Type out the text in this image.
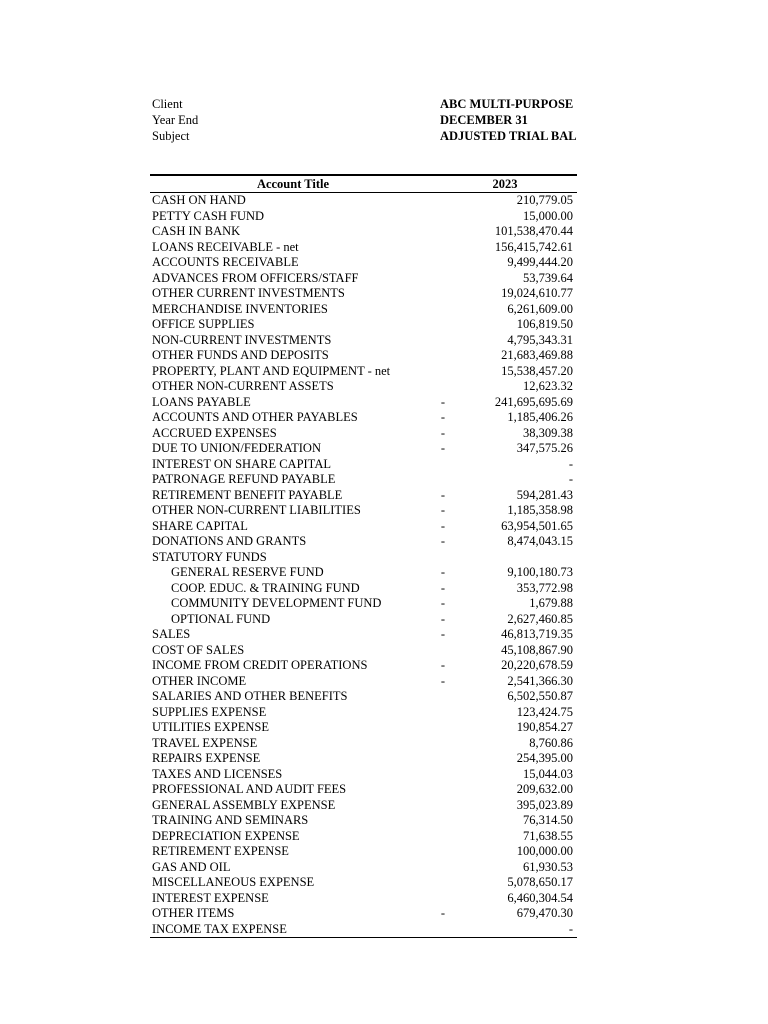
Client	ABC MULTI-PURPOSE
Year End	DECEMBER 31
Subject	ADJUSTED TRIAL BAL
Account Title	2023
CASH ON HAND	210,779.05
PETTY CASH FUND	15,000.00
CASH IN BANK	101,538,470.44
LOANS RECEIVABLE - net	156,415,742.61
ACCOUNTS RECEIVABLE	9,499,444.20
ADVANCES FROM OFFICERS/STAFF	53,739.64
OTHER CURRENT INVESTMENTS	19,024,610.77
MERCHANDISE INVENTORIES	6,261,609.00
OFFICE SUPPLIES	106,819.50
NON-CURRENT INVESTMENTS	4,795,343.31
OTHER FUNDS AND DEPOSITS	21,683,469.88
PROPERTY, PLANT AND EQUIPMENT - net	15,538,457.20
OTHER NON-CURRENT ASSETS	12,623.32
LOANS PAYABLE	-	241,695,695.69
ACCOUNTS AND OTHER PAYABLES	-	1,185,406.26
ACCRUED EXPENSES	-	38,309.38
DUE TO UNION/FEDERATION	-	347,575.26
INTEREST ON SHARE CAPITAL	-
PATRONAGE REFUND PAYABLE	-
RETIREMENT BENEFIT PAYABLE	-	594,281.43
OTHER NON-CURRENT LIABILITIES	-	1,185,358.98
SHARE CAPITAL	-	63,954,501.65
DONATIONS AND GRANTS	-	8,474,043.15
STATUTORY FUNDS
GENERAL RESERVE FUND	-	9,100,180.73
COOP. EDUC. & TRAINING FUND	-	353,772.98
COMMUNITY DEVELOPMENT FUND	-	1,679.88
OPTIONAL FUND	-	2,627,460.85
SALES	-	46,813,719.35
COST OF SALES	45,108,867.90
INCOME FROM CREDIT OPERATIONS	-	20,220,678.59
OTHER INCOME	-	2,541,366.30
SALARIES AND OTHER BENEFITS	6,502,550.87
SUPPLIES EXPENSE	123,424.75
UTILITIES EXPENSE	190,854.27
TRAVEL EXPENSE	8,760.86
REPAIRS EXPENSE	254,395.00
TAXES AND LICENSES	15,044.03
PROFESSIONAL AND AUDIT FEES	209,632.00
GENERAL ASSEMBLY EXPENSE	395,023.89
TRAINING AND SEMINARS	76,314.50
DEPRECIATION EXPENSE	71,638.55
RETIREMENT EXPENSE	100,000.00
GAS AND OIL	61,930.53
MISCELLANEOUS EXPENSE	5,078,650.17
INTEREST EXPENSE	6,460,304.54
OTHER ITEMS	-	679,470.30
INCOME TAX EXPENSE	-
